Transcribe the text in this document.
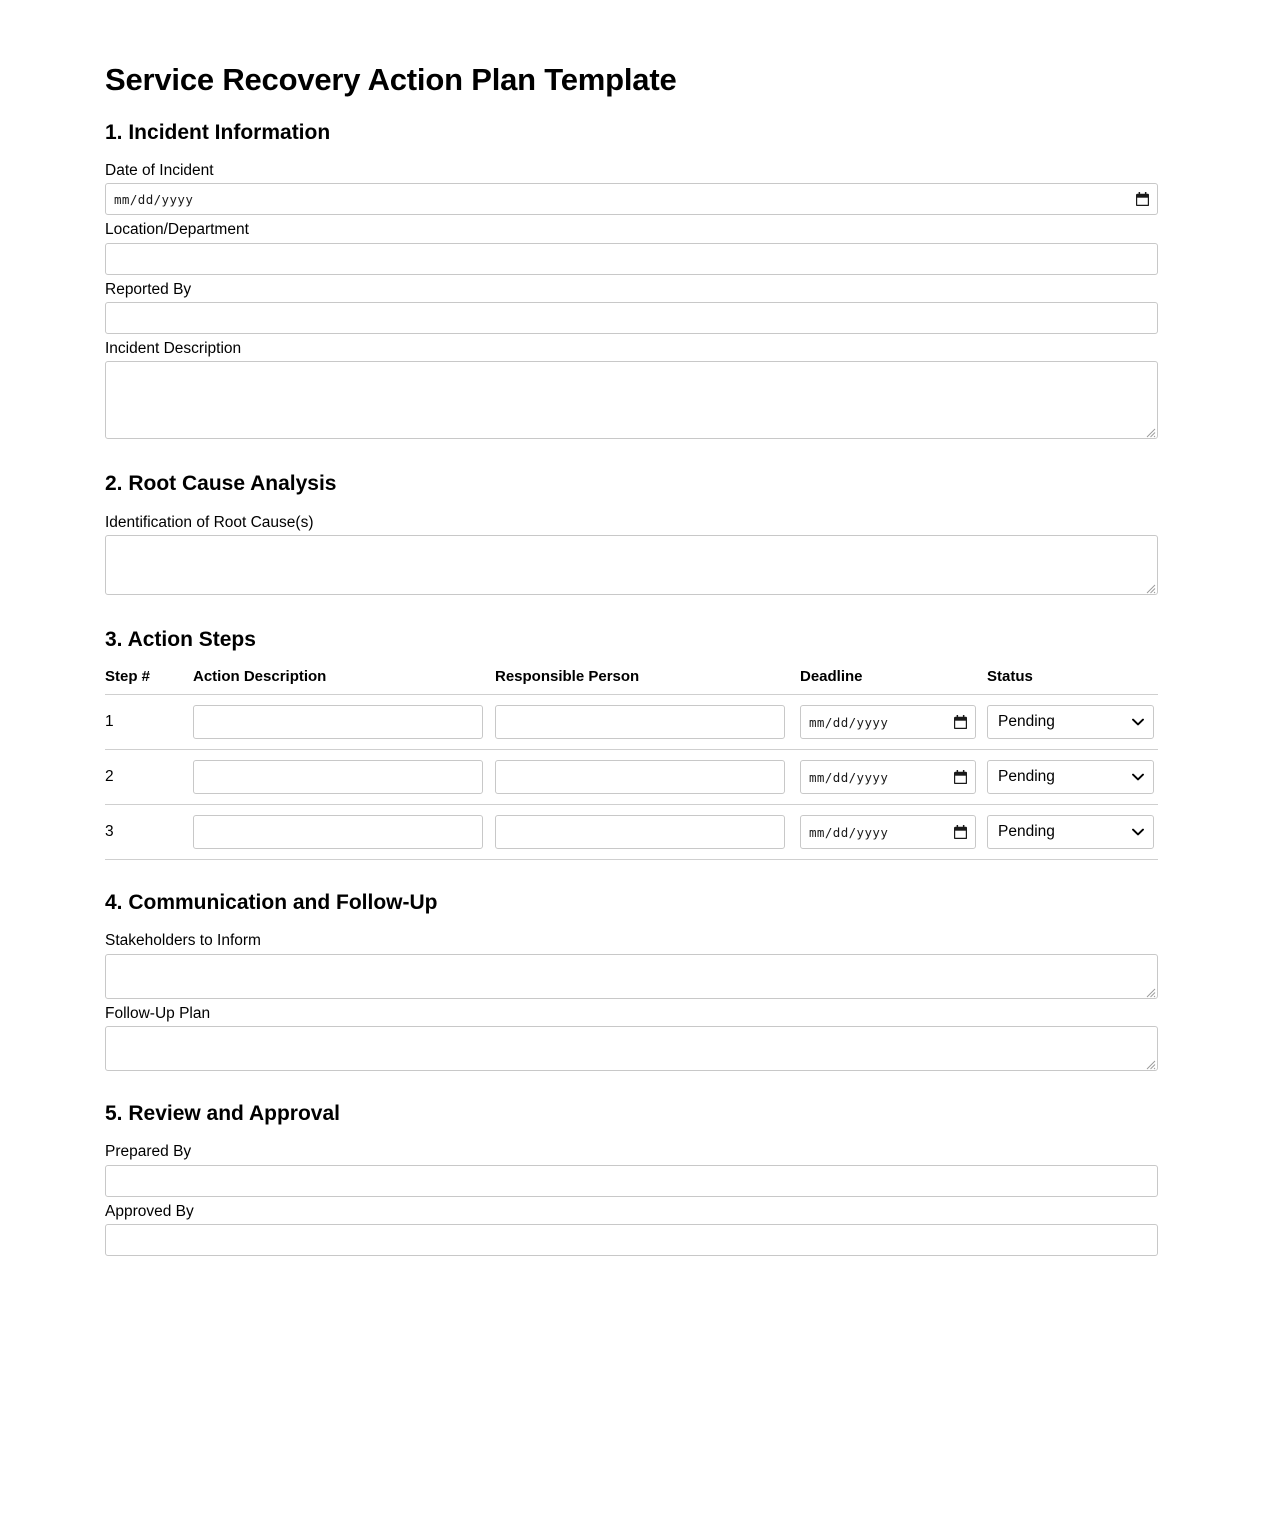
Service Recovery Action Plan Template
1. Incident Information
Date of Incident
mm/dd/yyyy
Location/Department
Reported By
Incident Description
2. Root Cause Analysis
Identification of Root Cause(s)
3. Action Steps
Step #	Action Description	Responsible Person	Deadline	Status
1			mm/dd/yyyy	Pending

2			mm/dd/yyyy	Pending

3			mm/dd/yyyy	Pending
4. Communication and Follow-Up
Stakeholders to Inform
Follow-Up Plan
5. Review and Approval
Prepared By
Approved By
